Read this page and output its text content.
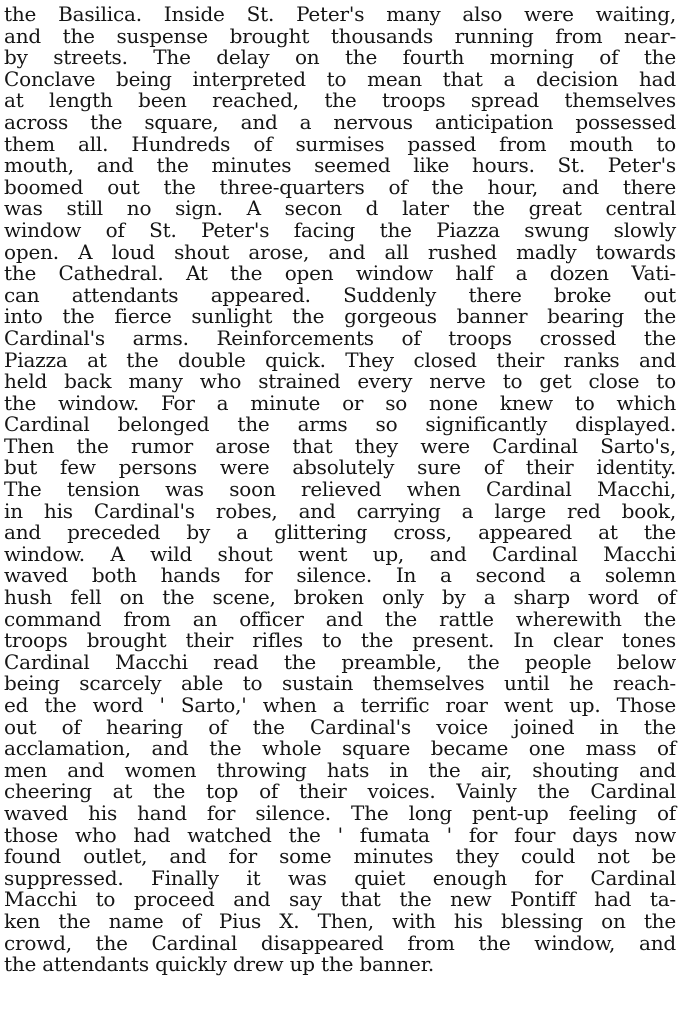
the Basilica. Inside St. Peter's many also were waiting,
and the suspense brought thousands running from near-
by streets. The delay on the fourth morning of the
Conclave being interpreted to mean that a decision had
at length been reached, the troops spread themselves
across the square, and a nervous anticipation possessed
them all. Hundreds of surmises passed from mouth to
mouth, and the minutes seemed like hours. St. Peter's
boomed out the three-quarters of the hour, and there
was still no sign. A secon d later the great central
window of St. Peter's facing the Piazza swung slowly
open. A loud shout arose, and all rushed madly towards
the Cathedral. At the open window half a dozen Vati-
can attendants appeared. Suddenly there broke out
into the fierce sunlight the gorgeous banner bearing the
Cardinal's arms. Reinforcements of troops crossed the
Piazza at the double quick. They closed their ranks and
held back many who strained every nerve to get close to
the window. For a minute or so none knew to which
Cardinal belonged the arms so significantly displayed.
Then the rumor arose that they were Cardinal Sarto's,
but few persons were absolutely sure of their identity.
The tension was soon relieved when Cardinal Macchi,
in his Cardinal's robes, and carrying a large red book,
and preceded by a glittering cross, appeared at the
window. A wild shout went up, and Cardinal Macchi
waved both hands for silence. In a second a solemn
hush fell on the scene, broken only by a sharp word of
command from an officer and the rattle wherewith the
troops brought their rifles to the present. In clear tones
Cardinal Macchi read the preamble, the people below
being scarcely able to sustain themselves until he reach-
ed the word ' Sarto,' when a terrific roar went up. Those
out of hearing of the Cardinal's voice joined in the
acclamation, and the whole square became one mass of
men and women throwing hats in the air, shouting and
cheering at the top of their voices. Vainly the Cardinal
waved his hand for silence. The long pent-up feeling of
those who had watched the ' fumata ' for four days now
found outlet, and for some minutes they could not be
suppressed. Finally it was quiet enough for Cardinal
Macchi to proceed and say that the new Pontiff had ta-
ken the name of Pius X. Then, with his blessing on the
crowd, the Cardinal disappeared from the window, and
the attendants quickly drew up the banner.
